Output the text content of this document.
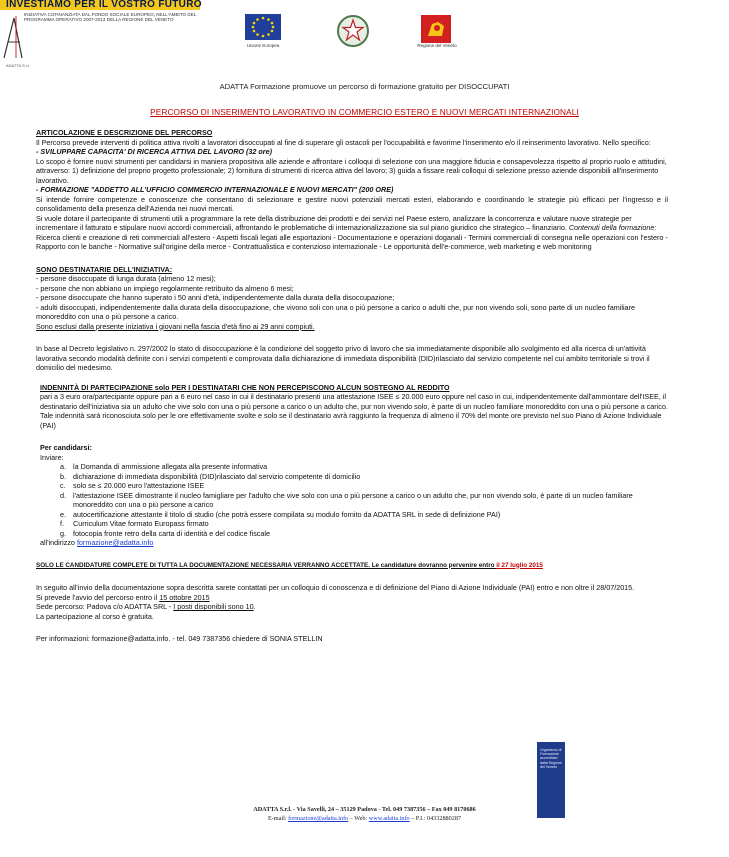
INVESTIAMO PER IL VOSTRO FUTURO
INIZIATIVA COFINANZIATA DAL FONDO SOCIALE EUROPEO, NELL'AMBITO DEL PROGRAMMA OPERATIVO 2007-2013 DELLA REGIONE DEL VENETO
ADATTA S.r.l.
Unione Europea	Regione del Veneto
ADATTA Formazione promuove un percorso di formazione gratuito per DISOCCUPATI
PERCORSO DI INSERIMENTO LAVORATIVO IN COMMERCIO ESTERO E NUOVI MERCATI INTERNAZIONALI

ARTICOLAZIONE E DESCRIZIONE DEL PERCORSO

Il Percorso prevede interventi di politica attiva rivolti a lavoratori disoccupati al fine di superare gli ostacoli per l'occupabilità e favorirne l'inserimento e/o il reinserimento lavorativo. Nello specifico:

- SVILUPPARE CAPACITA' DI RICERCA ATTIVA DEL LAVORO (32 ore)

Lo scopo è fornire nuovi strumenti per candidarsi in maniera propositiva alle aziende e affrontare i colloqui di selezione con una maggiore fiducia e consapevolezza rispetto al proprio ruolo e attitudini, attraverso: 1) definizione del proprio progetto professionale; 2) fornitura di strumenti di ricerca attiva del lavoro; 3) guida a fissare reali colloqui di selezione presso aziende disponibili all'inserimento lavorativo.

- FORMAZIONE "ADDETTO ALL'UFFICIO COMMERCIO INTERNAZIONALE E NUOVI MERCATI" (200 ORE)

Si intende fornire competenze e conoscenze che consentano di selezionare e gestire nuovi potenziali mercati esteri, elaborando e coordinando le strategie più efficaci per l'ingresso e il consolidamento della presenza dell'Azienda nei nuovi mercati.

Si vuole dotare il partecipante di strumenti utili a programmare la rete della distribuzione dei prodotti e dei servizi nel Paese estero, analizzare la concorrenza e valutare nuove strategie per incrementare il fatturato e stipulare nuovi accordi commerciali, affrontando le problematiche di internazionalizzazione sia sul piano giuridico che strategico – finanziario. Contenuti della formazione: Ricerca clienti e creazione di reti commerciali all'estero - Aspetti fiscali legati alle esportazioni - Documentazione e operazioni doganali - Termini commerciali di consegna nelle operazioni con l'estero - Rapporto con le banche - Normative sull'origine della merce - Contrattualistica e contenzioso internazionale - Le opportunità dell'e-commerce, web marketing e web monitoring

SONO DESTINATARIE DELL'INIZIATIVA:

- persone disoccupate di lunga durata (almeno 12 mesi);

- persone che non abbiano un impiego regolarmente retribuito da almeno 6 mesi;

- persone disoccupate che hanno superato i 50 anni d'età, indipendentemente dalla durata della disoccupazione;

- adulti disoccupati, indipendentemente dalla durata della disoccupazione, che vivono soli con una o più persone a carico o adulti che, pur non vivendo soli, sono parte di un nucleo familiare monoreddito con una o più persone a carico.

Sono esclusi dalla presente iniziativa i giovani nella fascia d'età fino ai 29 anni compiuti.

In base al Decreto legislativo n. 297/2002 lo stato di disoccupazione è la condizione del soggetto privo di lavoro che sia immediatamente disponibile allo svolgimento ed alla ricerca di un'attività lavorativa secondo modalità definite con i servizi competenti e comprovata dalla dichiarazione di immediata disponibilità (DID)rilasciato dal servizio competente nel cui ambito territoriale si trovi il domicilio del medesimo.

INDENNITÀ DI PARTECIPAZIONE solo PER I DESTINATARI CHE NON PERCEPISCONO ALCUN SOSTEGNO AL REDDITO

pari a 3 euro ora/partecipante oppure pari a 6 euro nel caso in cui il destinatario presenti una attestazione ISEE ≤ 20.000 euro oppure nel caso in cui, indipendentemente dall'ammontare dell'ISEE, il destinatario dell'iniziativa sia un adulto che vive solo con una o più persone a carico o un adulto che, pur non vivendo solo, è parte di un nucleo familiare monoreddito con una o più persone a carico. Tale indennità sarà riconosciuta solo per le ore effettivamente svolte e solo se il destinatario avrà raggiunto la frequenza di almeno il 70% del monte ore previsto nel suo Piano di Azione Individuale (PAI)

Per candidarsi:

Inviare:

a. la Domanda di ammissione allegata alla presente informativa
b. dichiarazione di immediata disponibilità (DID)rilasciato dal servizio competente di domicilio
c.	solo se ≤ 20.000 euro l'attestazione ISEE
d. l'attestazione ISEE dimostrante il nucleo famigliare per l'adulto che vive solo con una o più persone a carico o un adulto che, pur non vivendo solo, è parte di un nucleo familiare monoreddito con una o più persone a carico
e. autocertificazione attestante il titolo di studio (che potrà essere compilata su modulo fornito da ADATTA SRL in sede di definizione PAI)
f.	Curriculum Vitae formato Europass firmato
g. fotocopia fronte retro della carta di identità e del codice fiscale

all'indirizzo formazione@adatta.info

SOLO LE CANDIDATURE COMPLETE DI TUTTA LA DOCUMENTAZIONE NECESSARIA VERRANNO ACCETTATE. Le candidature dovranno pervenire entro il 27 luglio 2015

In seguito all'invio della documentazione sopra descritta sarete contattati per un colloquio di conoscenza e di definizione del Piano di Azione Individuale (PAI) entro e non oltre il 28/07/2015.

Si prevede l'avvio del percorso entro il 15 ottobre 2015

Sede percorso: Padova c/o ADATTA SRL - I posti disponibili sono 10.

La partecipazione al corso è gratuita.

Per informazioni: formazione@adatta.info. - tel. 049 7387356 chiedere di SONIA STELLIN

Organismo di Formazione accreditato dalla Regione del Veneto
ADATTA S.r.l. - Via Savelli, 24 – 35129 Padova - Tel. 049 7387356 – Fax 049 8170686
E-mail: formazione@adatta.info – Web: www.adatta.info – P.I.: 04332880287
